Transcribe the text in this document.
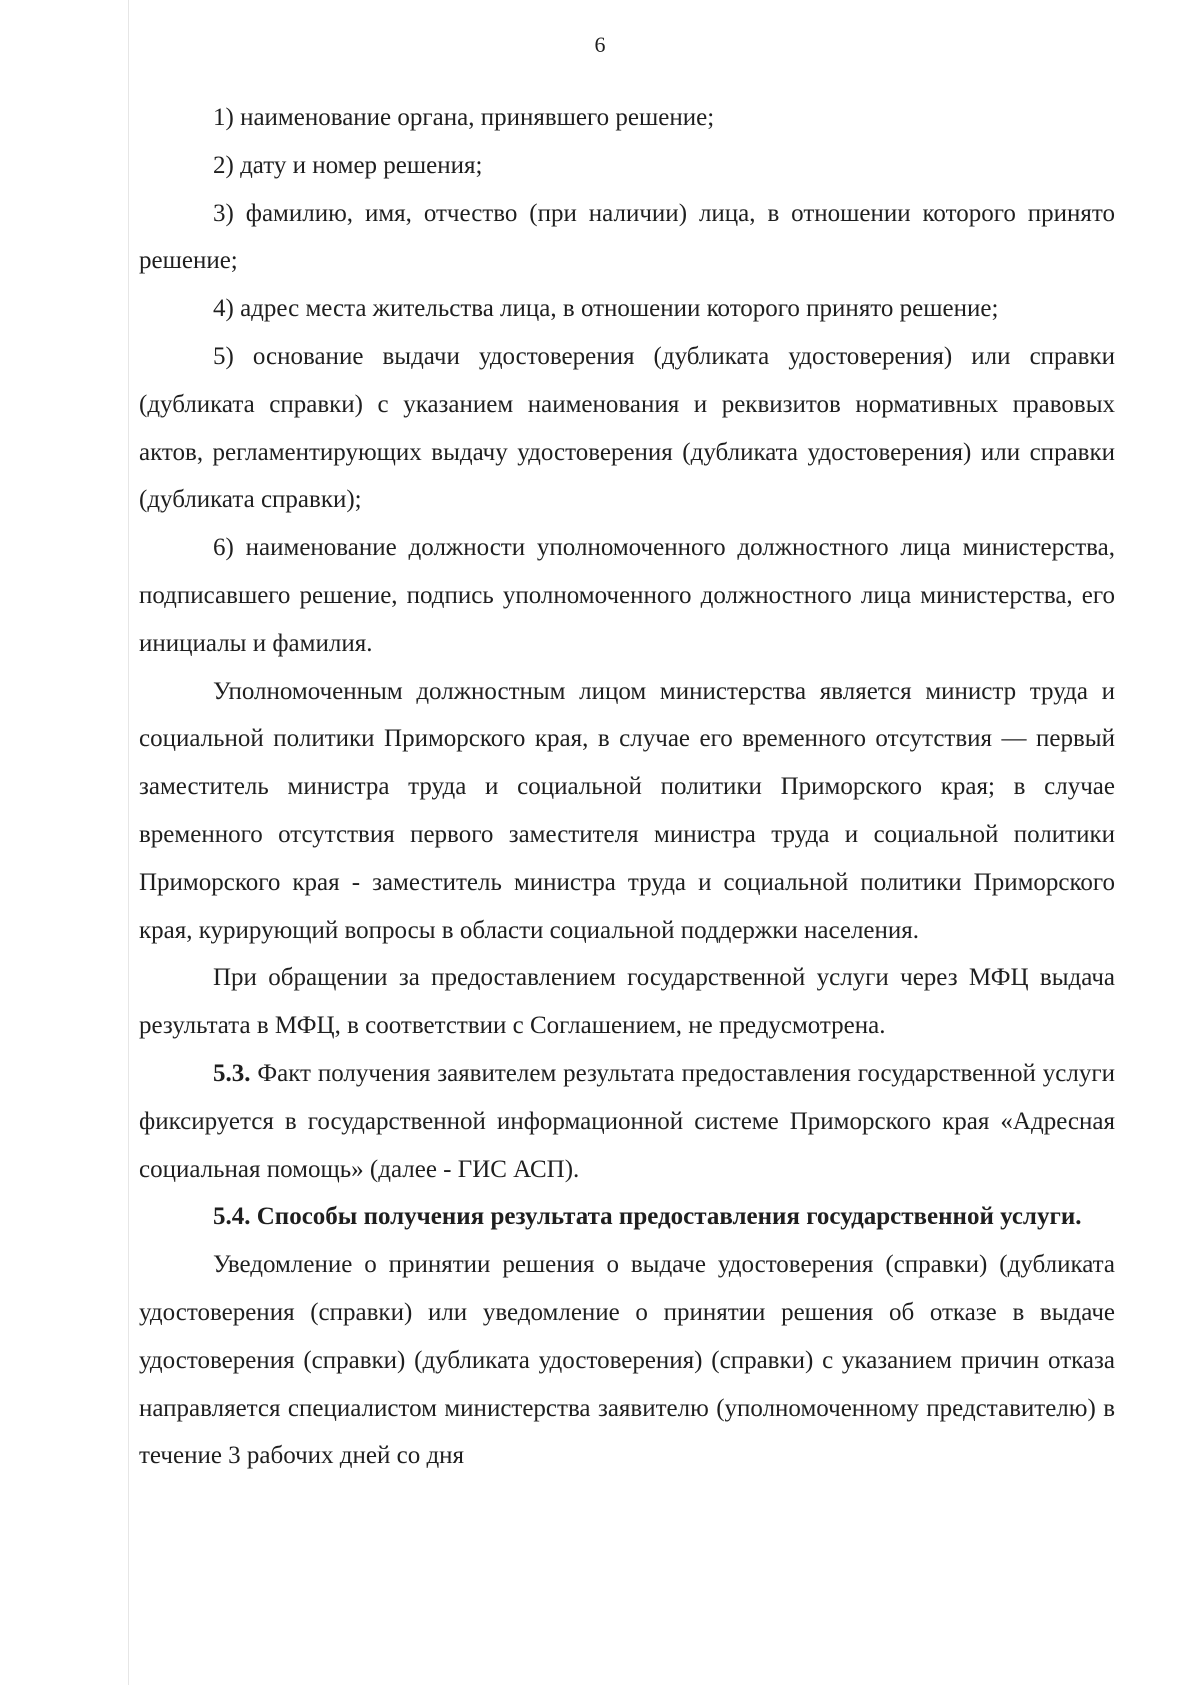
6

1) наименование органа, принявшего решение;

2) дату и номер решения;

3) фамилию, имя, отчество (при наличии) лица, в отношении которого принято решение;

4) адрес места жительства лица, в отношении которого принято решение;

5) основание выдачи удостоверения (дубликата удостоверения) или справки (дубликата справки) с указанием наименования и реквизитов нормативных правовых актов, регламентирующих выдачу удостоверения (дубликата удостоверения) или справки (дубликата справки);

6) наименование должности уполномоченного должностного лица министерства, подписавшего решение, подпись уполномоченного должностного лица министерства, его инициалы и фамилия.

Уполномоченным должностным лицом министерства является министр труда и социальной политики Приморского края, в случае его временного отсутствия — первый заместитель министра труда и социальной политики Приморского края; в случае временного отсутствия первого заместителя министра труда и социальной политики Приморского края - заместитель министра труда и социальной политики Приморского края, курирующий вопросы в области социальной поддержки населения.

При обращении за предоставлением государственной услуги через МФЦ выдача результата в МФЦ, в соответствии с Соглашением, не предусмотрена.

5.3. Факт получения заявителем результата предоставления государственной услуги фиксируется в государственной информационной системе Приморского края «Адресная социальная помощь» (далее - ГИС АСП).

5.4. Способы получения результата предоставления государственной услуги.

Уведомление о принятии решения о выдаче удостоверения (справки) (дубликата удостоверения (справки) или уведомление о принятии решения об отказе в выдаче удостоверения (справки) (дубликата удостоверения) (справки) с указанием причин отказа направляется специалистом министерства заявителю (уполномоченному представителю) в течение 3 рабочих дней со дня
